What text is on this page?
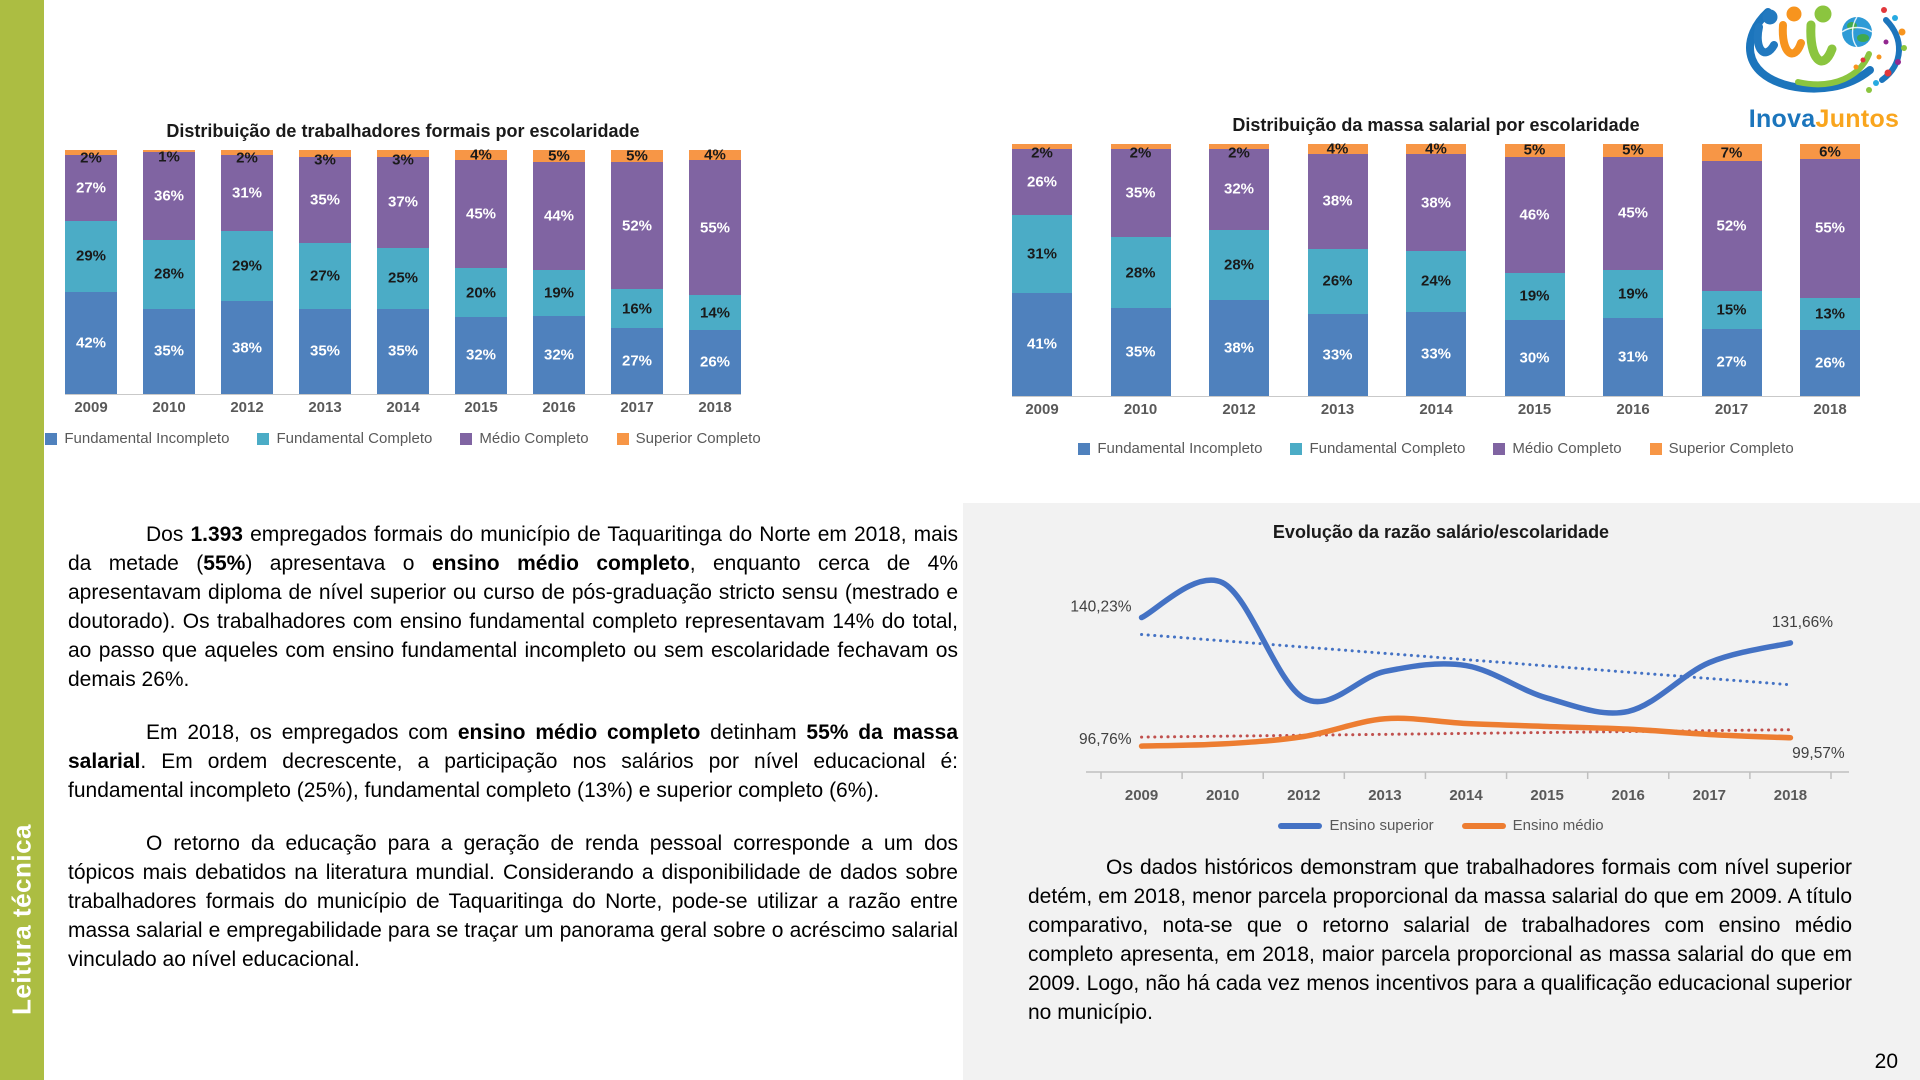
Leitura técnica
Distribuição de trabalhadores formais por escolaridade
42%
29%
27%
2%
35%
28%
36%
1%
38%
29%
31%
2%
35%
27%
35%
3%
35%
25%
37%
3%
32%
20%
45%
4%
32%
19%
44%
5%
27%
16%
52%
5%
26%
14%
55%
4%
2009	2010	2012	2013	2014	2015	2016	2017	2018
Fundamental Incompleto	Fundamental Completo	Médio Completo	Superior Completo
Distribuição da massa salarial por escolaridade
41%
31%
26%
2%
35%
28%
35%
2%
38%
28%
32%
2%
33%
26%
38%
4%
33%
24%
38%
4%
30%
19%
46%
5%
31%
19%
45%
5%
27%
15%
52%
7%
26%
13%
55%
6%
2009	2010	2012	2013	2014	2015	2016	2017	2018
Fundamental Incompleto	Fundamental Completo	Médio Completo	Superior Completo
Evolução da razão salário/escolaridade
2009	2010	2012	2013	2014	2015	2016	2017	2018
140,23%
131,66%
96,76%
99,57%
Ensino superior	Ensino médio
Os dados históricos demonstram que trabalhadores formais com nível superior detém, em 2018, menor parcela proporcional da massa salarial do que em 2009. A título comparativo, nota-se que o retorno salarial de trabalhadores com ensino médio completo apresenta, em 2018, maior parcela proporcional as massa salarial do que em 2009. Logo, não há cada vez menos incentivos para a qualificação educacional superior no município.
20

Dos 1.393 empregados formais do município de Taquaritinga do Norte em 2018, mais da metade (55%) apresentava o ensino médio completo, enquanto cerca de 4% apresentavam diploma de nível superior ou curso de pós-graduação stricto sensu (mestrado e doutorado). Os trabalhadores com ensino fundamental completo representavam 14% do total, ao passo que aqueles com ensino fundamental incompleto ou sem escolaridade fechavam os demais 26%.

Em 2018, os empregados com ensino médio completo detinham 55% da massa salarial. Em ordem decrescente, a participação nos salários por nível educacional é: fundamental incompleto (25%), fundamental completo (13%) e superior completo (6%).

O retorno da educação para a geração de renda pessoal corresponde a um dos tópicos mais debatidos na literatura mundial. Considerando a disponibilidade de dados sobre trabalhadores formais do município de Taquaritinga do Norte, pode-se utilizar a razão entre massa salarial e empregabilidade para se traçar um panorama geral sobre o acréscimo salarial vinculado ao nível educacional.

InovaJuntos
